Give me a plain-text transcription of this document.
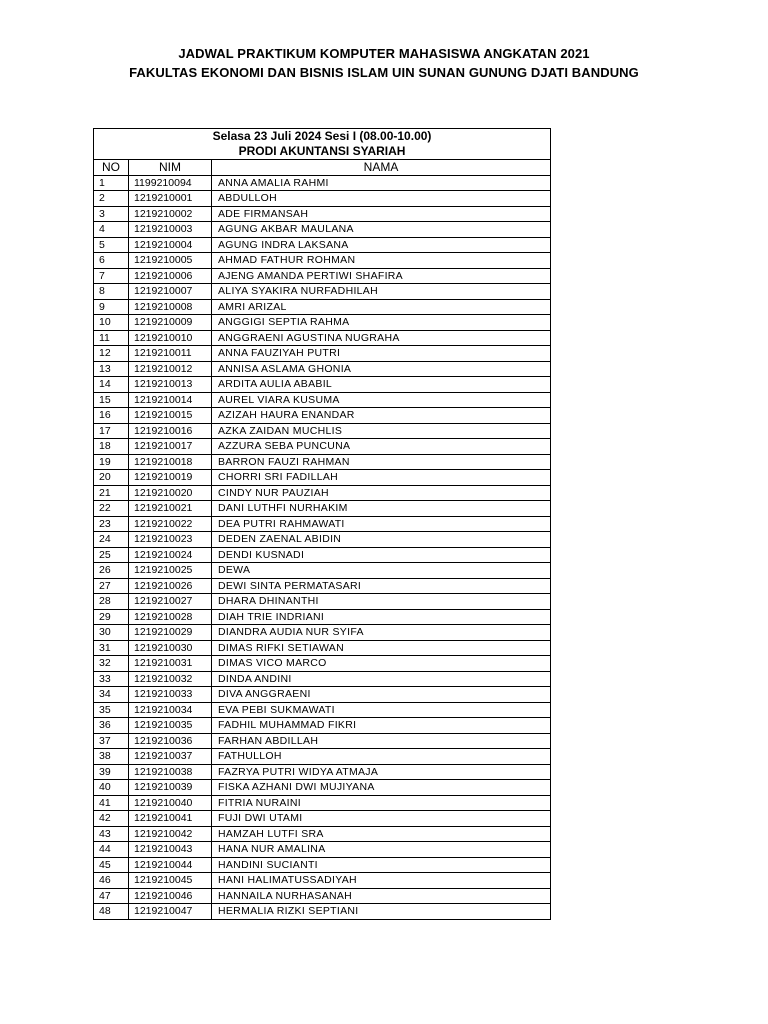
JADWAL PRAKTIKUM KOMPUTER MAHASISWA ANGKATAN 2021
FAKULTAS EKONOMI DAN BISNIS ISLAM UIN SUNAN GUNUNG DJATI BANDUNG
Selasa 23 Juli 2024 Sesi I (08.00-10.00)		
PRODI AKUNTANSI SYARIAH		
NO	NIM	NAMA
1	1199210094	ANNA AMALIA RAHMI
2	1219210001	ABDULLOH
3	1219210002	ADE FIRMANSAH
4	1219210003	AGUNG AKBAR MAULANA
5	1219210004	AGUNG INDRA LAKSANA
6	1219210005	AHMAD FATHUR ROHMAN
7	1219210006	AJENG AMANDA PERTIWI SHAFIRA
8	1219210007	ALIYA SYAKIRA NURFADHILAH
9	1219210008	AMRI ARIZAL
10	1219210009	ANGGIGI SEPTIA RAHMA
11	1219210010	ANGGRAENI AGUSTINA NUGRAHA
12	1219210011	ANNA FAUZIYAH PUTRI
13	1219210012	ANNISA ASLAMA GHONIA
14	1219210013	ARDITA AULIA ABABIL
15	1219210014	AUREL VIARA KUSUMA
16	1219210015	AZIZAH HAURA ENANDAR
17	1219210016	AZKA ZAIDAN MUCHLIS
18	1219210017	AZZURA SEBA PUNCUNA
19	1219210018	BARRON FAUZI RAHMAN
20	1219210019	CHORRI SRI FADILLAH
21	1219210020	CINDY NUR PAUZIAH
22	1219210021	DANI LUTHFI NURHAKIM
23	1219210022	DEA PUTRI RAHMAWATI
24	1219210023	DEDEN ZAENAL ABIDIN
25	1219210024	DENDI KUSNADI
26	1219210025	DEWA
27	1219210026	DEWI SINTA PERMATASARI
28	1219210027	DHARA DHINANTHI
29	1219210028	DIAH TRIE INDRIANI
30	1219210029	DIANDRA AUDIA NUR SYIFA
31	1219210030	DIMAS RIFKI SETIAWAN
32	1219210031	DIMAS VICO MARCO
33	1219210032	DINDA ANDINI
34	1219210033	DIVA ANGGRAENI
35	1219210034	EVA PEBI SUKMAWATI
36	1219210035	FADHIL MUHAMMAD FIKRI
37	1219210036	FARHAN ABDILLAH
38	1219210037	FATHULLOH
39	1219210038	FAZRYA PUTRI WIDYA ATMAJA
40	1219210039	FISKA AZHANI DWI MUJIYANA
41	1219210040	FITRIA NURAINI
42	1219210041	FUJI DWI UTAMI
43	1219210042	HAMZAH LUTFI SRA
44	1219210043	HANA NUR AMALINA
45	1219210044	HANDINI SUCIANTI
46	1219210045	HANI HALIMATUSSADIYAH
47	1219210046	HANNAILA NURHASANAH
48	1219210047	HERMALIA RIZKI SEPTIANI
